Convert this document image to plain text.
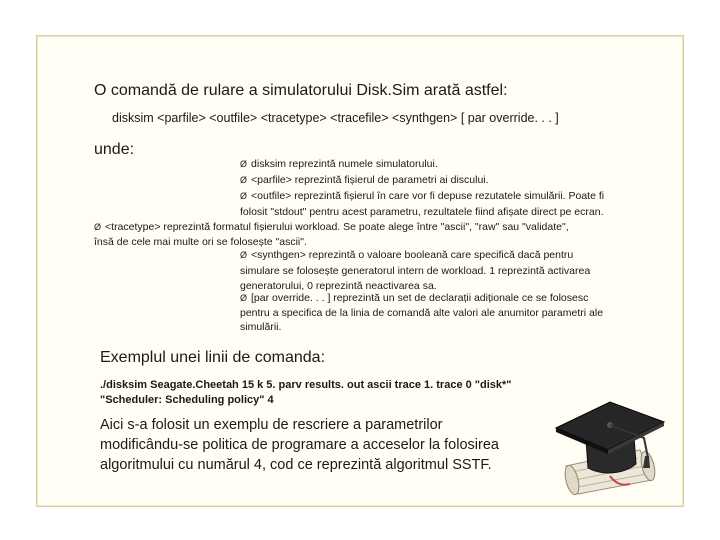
O comandă de rulare a simulatorului Disk.Sim arată astfel:
disksim <parfile> <outfile> <tracetype> <tracefile> <synthgen> [ par override. . . ]
unde:
Ø disksim reprezintă numele simulatorului.
Ø <parfile> reprezintă fișierul de parametri ai discului.
Ø <outfile> reprezintă fișierul în care vor fi depuse rezutatele simulării. Poate fi
folosit "stdout" pentru acest parametru, rezultatele fiind afișate direct pe ecran.
Ø <tracetype> reprezintă formatul fișierului workload. Se poate alege între "ascii", "raw" sau "validate",
însă de cele mai multe ori se folosește "ascii".
Ø <synthgen> reprezintă o valoare booleană care specifică dacă pentru
simulare se folosește generatorul intern de workload. 1 reprezintă activarea
generatorului, 0 reprezintă neactivarea sa.
Ø [par override. . . ] reprezintă un set de declarații adiționale ce se folosesc
pentru a specifica de la linia de comandă alte valori ale anumitor parametri ale
simulării.
Exemplul unei linii de comanda:
./disksim Seagate.Cheetah 15 k 5. parv results. out ascii trace 1. trace 0 "disk*"
"Scheduler: Scheduling policy" 4
Aici s-a folosit un exemplu de rescriere a parametrilor
modificându-se politica de programare a acceselor la folosirea
algoritmului cu numărul 4, cod ce reprezintă algoritmul SSTF.
